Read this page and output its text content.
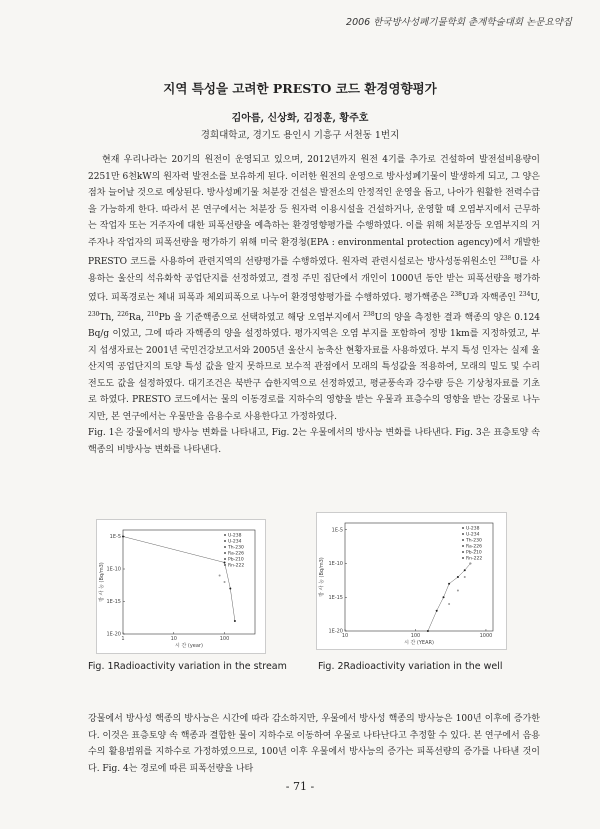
2006 한국방사성폐기물학회 춘계학술대회 논문요약집
지역 특성을 고려한 PRESTO 코드 환경영향평가
김아름, 신상화, 김정훈, 황주호
경희대학교, 경기도 용인시 기흥구 서천동 1번지

현재 우리나라는 20기의 원전이 운영되고 있으며, 2012년까지 원전 4기를 추가로 건설하여 발전설비용량이 2251만 6천kW의 원자력 발전소를 보유하게 된다. 이러한 원전의 운영으로 방사성폐기물이 발생하게 되고, 그 양은 점차 늘어날 것으로 예상된다. 방사성폐기물 처분장 건설은 발전소의 안정적인 운영을 돕고, 나아가 원활한 전력수급을 가능하게 한다. 따라서 본 연구에서는 처분장 등 원자력 이용시설을 건설하거나, 운영할 때 오염부지에서 근무하는 작업자 또는 거주자에 대한 피폭선량을 예측하는 환경영향평가를 수행하였다. 이를 위해 처분장등 오염부지의 거주자나 작업자의 피폭선량을 평가하기 위해 미국 환경청(EPA : environmental protection agency)에서 개발한 PRESTO 코드를 사용하여 관련지역의 선량평가를 수행하였다. 원자력 관련시설로는 방사성동위원소인 $^{238}$U를 사용하는 울산의 석유화학 공업단지를 선정하였고, 결정 주민 집단에서 개인이 1000년 동안 받는 피폭선량을 평가하였다. 피폭경로는 체내 피폭과 체외피폭으로 나누어 환경영향평가를 수행하였다. 평가핵종은 $^{238}$U과 자핵종인 $^{234}$U, $^{230}$Th, $^{226}$Ra, $^{210}$Pb 을 기준핵종으로 선택하였고 해당 오염부지에서 $^{238}$U의 양을 측정한 결과 핵종의 양은 0.124 Bq/g 이었고, 그에 따라 자핵종의 양을 설정하였다. 평가지역은 오염 부지를 포함하여 정방 1km를 지정하였고, 부지 섭생자료는 2001년 국민건강보고서와 2005년 울산시 농축산 현황자료를 사용하였다. 부지 특성 인자는 실제 울산지역 공업단지의 토양 특성 값을 알지 못하므로 보수적 관점에서 모래의 특성값을 적용하여, 모래의 밀도 및 수리전도도 값을 설정하였다. 대기조건은 북반구 습한지역으로 선정하였고, 평균풍속과 강수량 등은 기상청자료를 기초로 하였다. PRESTO 코드에서는 물의 이동경로를 지하수의 영향을 받는 우물과 표층수의 영향을 받는 강물로 나누지만, 본 연구에서는 우물만을 음용수로 사용한다고 가정하였다.

Fig. 1은 강물에서의 방사능 변화를 나타내고, Fig. 2는 우물에서의 방사능 변화를 나타낸다. Fig. 3은 표층토양 속 핵종의 비방사능 변화를 나타낸다.

1	10	100
1E-5
1E-10
1E-15
1E-20
시 간 (year)
방 사 능 (Bq/m3)
U-238
U-234
Th-230
Ra-226
Pb-210
Rn-222
10	100	1000
1E-5
1E-10
1E-15
1E-20
시 간 (YEAR)
방 사 능 (Bq/m3)
U-238
U-234
Th-230
Ra-226
Pb-210
Rn-222
Fig. 1Radioactivity variation in the stream	Fig. 2Radioactivity variation in the well

강물에서 방사성 핵종의 방사능은 시간에 따라 감소하지만, 우물에서 방사성 핵종의 방사능은 100년 이후에 증가한다. 이것은 표층토양 속 핵종과 결합한 물이 지하수로 이동하여 우물로 나타난다고 추정할 수 있다. 본 연구에서 음용수의 활용범위를 지하수로 가정하였으므로, 100년 이후 우물에서 방사능의 증가는 피폭선량의 증가를 나타낸 것이다. Fig. 4는 경로에 따른 피폭선량을 나타

- 71 -
